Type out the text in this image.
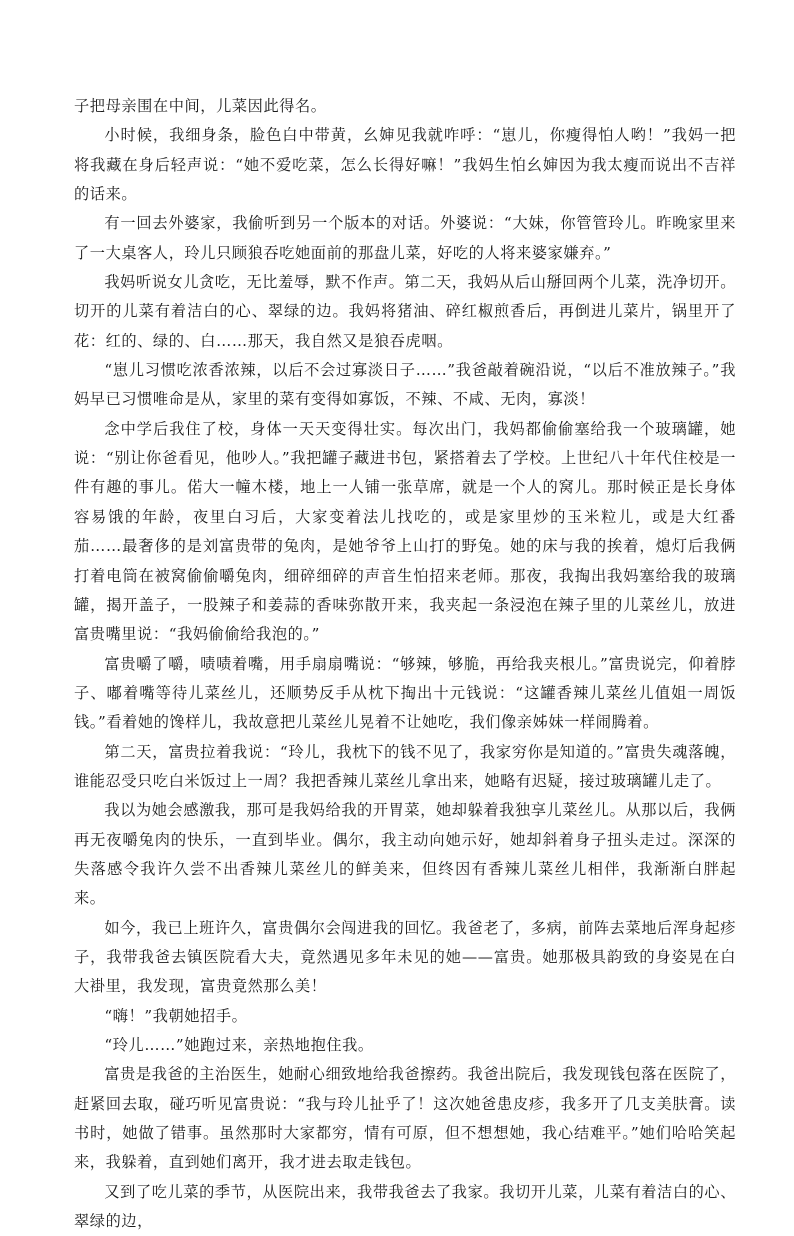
子把母亲围在中间，儿菜因此得名。

小时候，我细身条，脸色白中带黄，幺婶见我就咋呼：“崽儿，你瘦得怕人哟！”我妈一把将我藏在身后轻声说：“她不爱吃菜，怎么长得好嘛！”我妈生怕幺婶因为我太瘦而说出不吉祥的话来。

有一回去外婆家，我偷听到另一个版本的对话。外婆说：“大妹，你管管玲儿。昨晚家里来了一大桌客人，玲儿只顾狼吞吃她面前的那盘儿菜，好吃的人将来婆家嫌弃。”

我妈听说女儿贪吃，无比羞辱，默不作声。第二天，我妈从后山掰回两个儿菜，洗净切开。切开的儿菜有着洁白的心、翠绿的边。我妈将猪油、碎红椒煎香后，再倒进儿菜片，锅里开了花：红的、绿的、白……那天，我自然又是狼吞虎咽。

“崽儿习惯吃浓香浓辣，以后不会过寡淡日子……”我爸敲着碗沿说，“以后不准放辣子。”我妈早已习惯唯命是从，家里的菜有变得如寡饭，不辣、不咸、无肉，寡淡！

念中学后我住了校，身体一天天变得壮实。每次出门，我妈都偷偷塞给我一个玻璃罐，她说：“别让你爸看见，他吵人。”我把罐子藏进书包，紧搭着去了学校。上世纪八十年代住校是一件有趣的事儿。偌大一幢木楼，地上一人铺一张草席，就是一个人的窝儿。那时候正是长身体容易饿的年龄，夜里白习后，大家变着法儿找吃的，或是家里炒的玉米粒儿，或是大红番茄……最奢侈的是刘富贵带的兔肉，是她爷爷上山打的野兔。她的床与我的挨着，熄灯后我俩打着电筒在被窝偷偷嚼兔肉，细碎细碎的声音生怕招来老师。那夜，我掏出我妈塞给我的玻璃罐，揭开盖子，一股辣子和姜蒜的香味弥散开来，我夹起一条浸泡在辣子里的儿菜丝儿，放进富贵嘴里说：“我妈偷偷给我泡的。”

富贵嚼了嚼，啧啧着嘴，用手扇扇嘴说：“够辣，够脆，再给我夹根儿。”富贵说完，仰着脖子、嘟着嘴等待儿菜丝儿，还顺势反手从枕下掏出十元钱说：“这罐香辣儿菜丝儿值姐一周饭钱。”看着她的馋样儿，我故意把儿菜丝儿晃着不让她吃，我们像亲姊妹一样闹腾着。

第二天，富贵拉着我说：“玲儿，我枕下的钱不见了，我家穷你是知道的。”富贵失魂落魄，谁能忍受只吃白米饭过上一周？我把香辣儿菜丝儿拿出来，她略有迟疑，接过玻璃罐儿走了。

我以为她会感激我，那可是我妈给我的开胃菜，她却躲着我独享儿菜丝儿。从那以后，我俩再无夜嚼兔肉的快乐，一直到毕业。偶尔，我主动向她示好，她却斜着身子扭头走过。深深的失落感令我许久尝不出香辣儿菜丝儿的鲜美来，但终因有香辣儿菜丝儿相伴，我渐渐白胖起来。

如今，我已上班许久，富贵偶尔会闯进我的回忆。我爸老了，多病，前阵去菜地后浑身起疹子，我带我爸去镇医院看大夫，竟然遇见多年未见的她——富贵。她那极具韵致的身姿晃在白大褂里，我发现，富贵竟然那么美！

“嗨！”我朝她招手。

“玲儿……”她跑过来，亲热地抱住我。

富贵是我爸的主治医生，她耐心细致地给我爸擦药。我爸出院后，我发现钱包落在医院了，赶紧回去取，碰巧听见富贵说：“我与玲儿扯乎了！这次她爸患皮疹，我多开了几支美肤膏。读书时，她做了错事。虽然那时大家都穷，情有可原，但不想想她，我心结难平。”她们哈哈笑起来，我躲着，直到她们离开，我才进去取走钱包。

又到了吃儿菜的季节，从医院出来，我带我爸去了我家。我切开儿菜，儿菜有着洁白的心、翠绿的边，
